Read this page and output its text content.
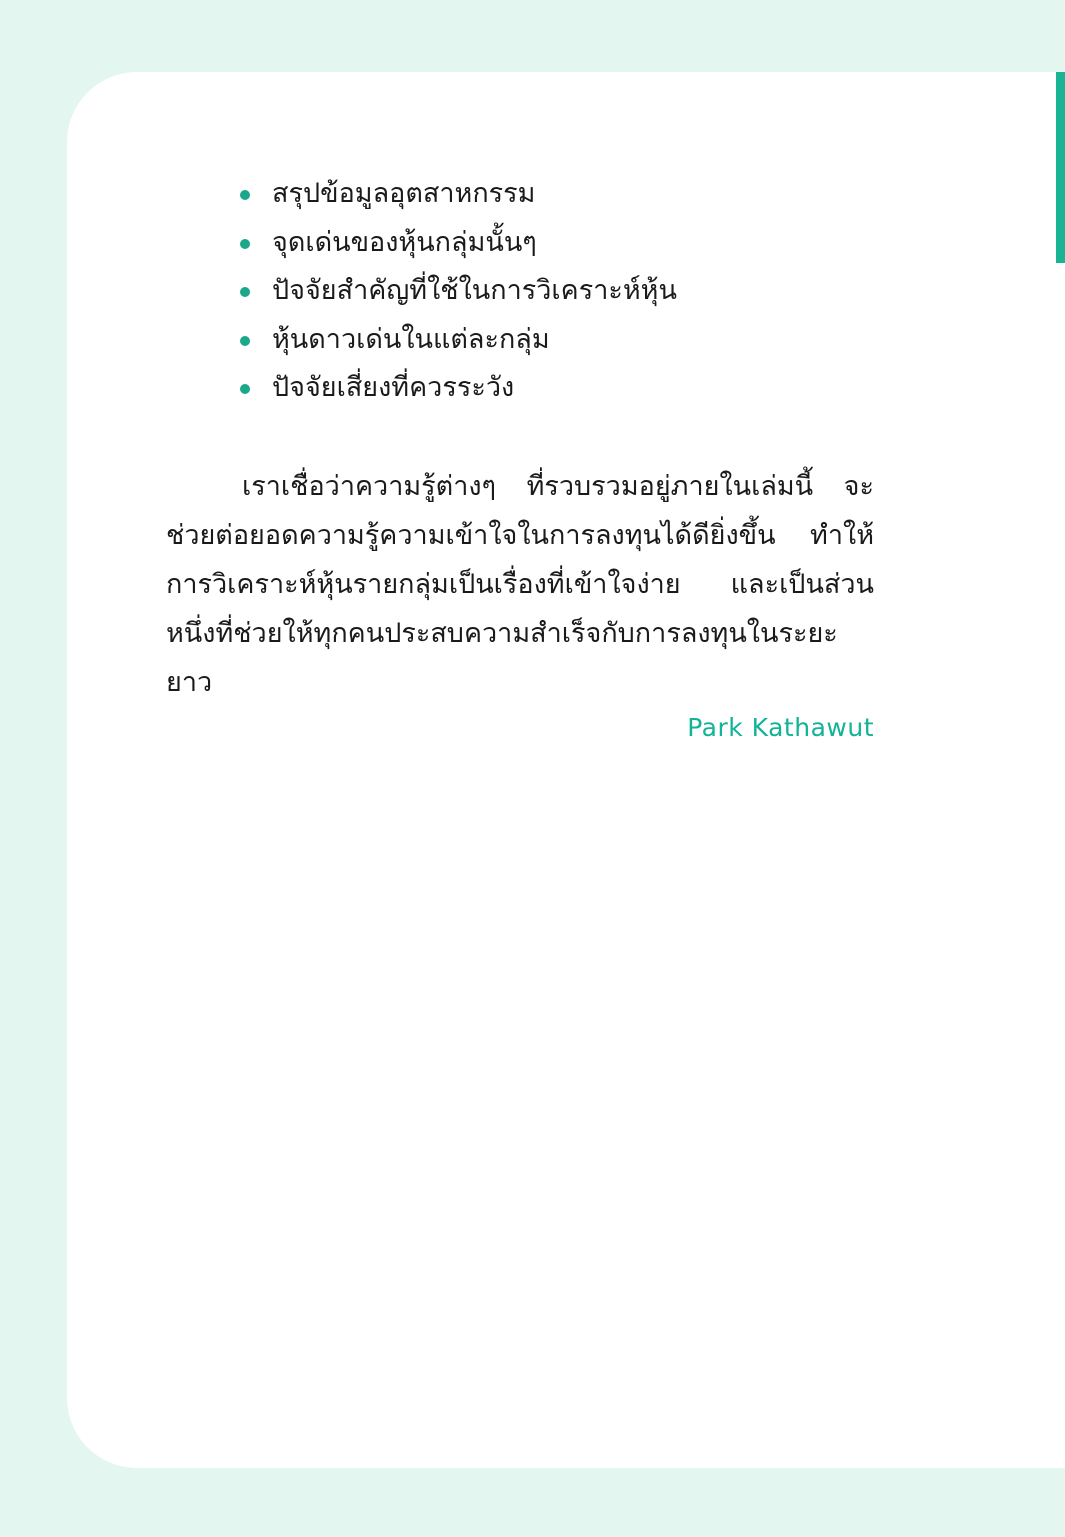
สรุปข้อมูลอุตสาหกรรม
จุดเด่นของหุ้นกลุ่มนั้นๆ
ปัจจัยสำคัญที่ใช้ในการวิเคราะห์หุ้น
หุ้นดาวเด่นในแต่ละกลุ่ม
ปัจจัยเสี่ยงที่ควรระวัง

เราเชื่อว่าความรู้ต่างๆ ที่รวบรวมอยู่ภายในเล่มนี้ จะช่วยต่อยอดความรู้ความเข้าใจในการลงทุนได้ดียิ่งขึ้น ทำให้การวิเคราะห์หุ้นรายกลุ่มเป็นเรื่องที่เข้าใจง่าย และเป็นส่วนหนึ่งที่ช่วยให้ทุกคนประสบความสำเร็จกับการลงทุนในระยะยาว

Park Kathawut
